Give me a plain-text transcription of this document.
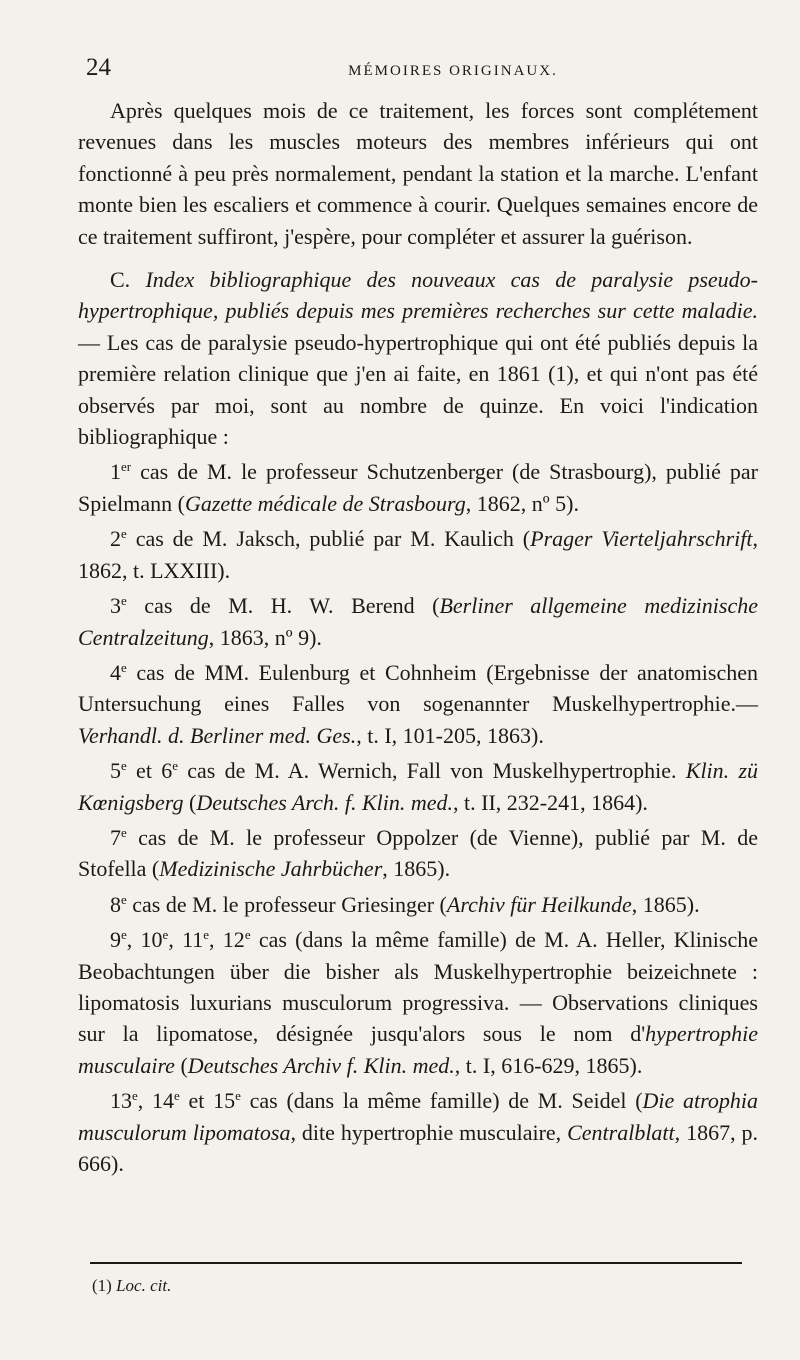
24	MÉMOIRES ORIGINAUX.

Après quelques mois de ce traitement, les forces sont complétement revenues dans les muscles moteurs des membres inférieurs qui ont fonctionné à peu près normalement, pendant la station et la marche. L'enfant monte bien les escaliers et commence à courir. Quelques semaines encore de ce traitement suffiront, j'espère, pour compléter et assurer la guérison.

C. Index bibliographique des nouveaux cas de paralysie pseudo-hypertrophique, publiés depuis mes premières recherches sur cette maladie. — Les cas de paralysie pseudo-hypertrophique qui ont été publiés depuis la première relation clinique que j'en ai faite, en 1861 (1), et qui n'ont pas été observés par moi, sont au nombre de quinze. En voici l'indication bibliographique :

1er cas de M. le professeur Schutzenberger (de Strasbourg), publié par Spielmann (Gazette médicale de Strasbourg, 1862, nº 5).

2e cas de M. Jaksch, publié par M. Kaulich (Prager Vierteljahrschrift, 1862, t. LXXIII).

3e cas de M. H. W. Berend (Berliner allgemeine medizinische Centralzeitung, 1863, nº 9).

4e cas de MM. Eulenburg et Cohnheim (Ergebnisse der anatomischen Untersuchung eines Falles von sogenannter Muskelhypertrophie.— Verhandl. d. Berliner med. Ges., t. I, 101-205, 1863).

5e et 6e cas de M. A. Wernich, Fall von Muskelhypertrophie. Klin. zü Kœnigsberg (Deutsches Arch. f. Klin. med., t. II, 232-241, 1864).

7e cas de M. le professeur Oppolzer (de Vienne), publié par M. de Stofella (Medizinische Jahrbücher, 1865).

8e cas de M. le professeur Griesinger (Archiv für Heilkunde, 1865).

9e, 10e, 11e, 12e cas (dans la même famille) de M. A. Heller, Klinische Beobachtungen über die bisher als Muskelhypertrophie beizeichnete : lipomatosis luxurians musculorum progressiva. — Observations cliniques sur la lipomatose, désignée jusqu'alors sous le nom d'hypertrophie musculaire (Deutsches Archiv f. Klin. med., t. I, 616-629, 1865).

13e, 14e et 15e cas (dans la même famille) de M. Seidel (Die atrophia musculorum lipomatosa, dite hypertrophie musculaire, Centralblatt, 1867, p. 666).

(1) Loc. cit.
